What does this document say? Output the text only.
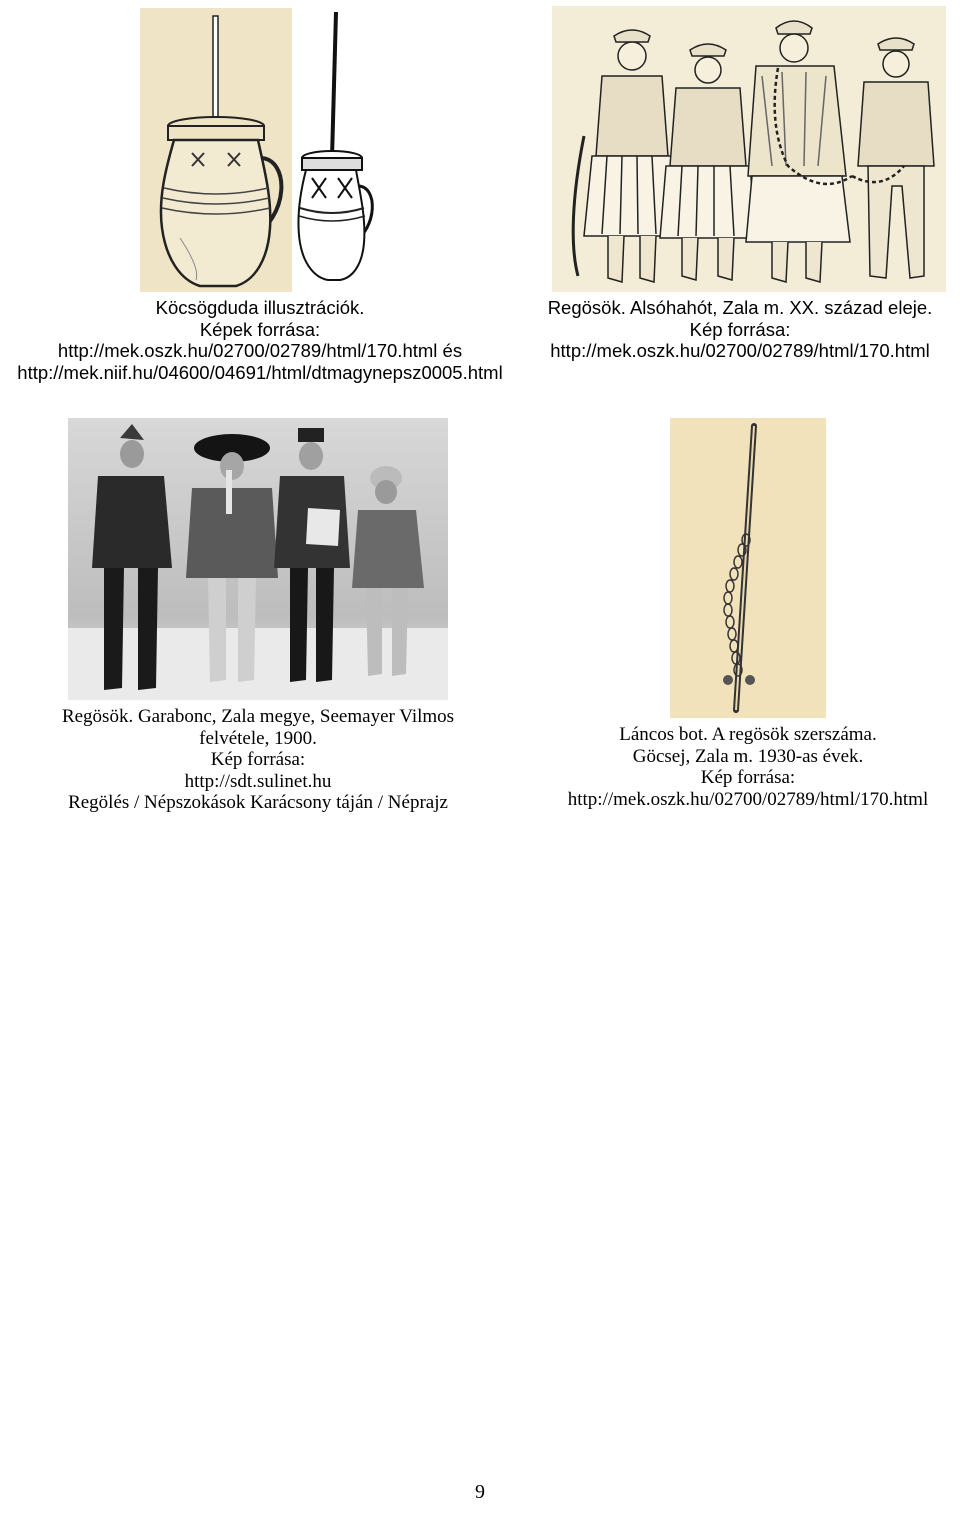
Köcsögduda illusztrációk.
Képek forrása:
http://mek.oszk.hu/02700/02789/html/170.html és
http://mek.niif.hu/04600/04691/html/dtmagynepsz0005.html
Regösök. Alsóhahót, Zala m. XX. század eleje.
Kép forrása:
http://mek.oszk.hu/02700/02789/html/170.html
Regösök. Garabonc, Zala megye, Seemayer Vilmos
felvétele, 1900.
Kép forrása:
http://sdt.sulinet.hu
Regölés / Népszokások Karácsony táján / Néprajz
Láncos bot. A regösök szerszáma.
Göcsej, Zala m. 1930-as évek.
Kép forrása:
http://mek.oszk.hu/02700/02789/html/170.html
9
